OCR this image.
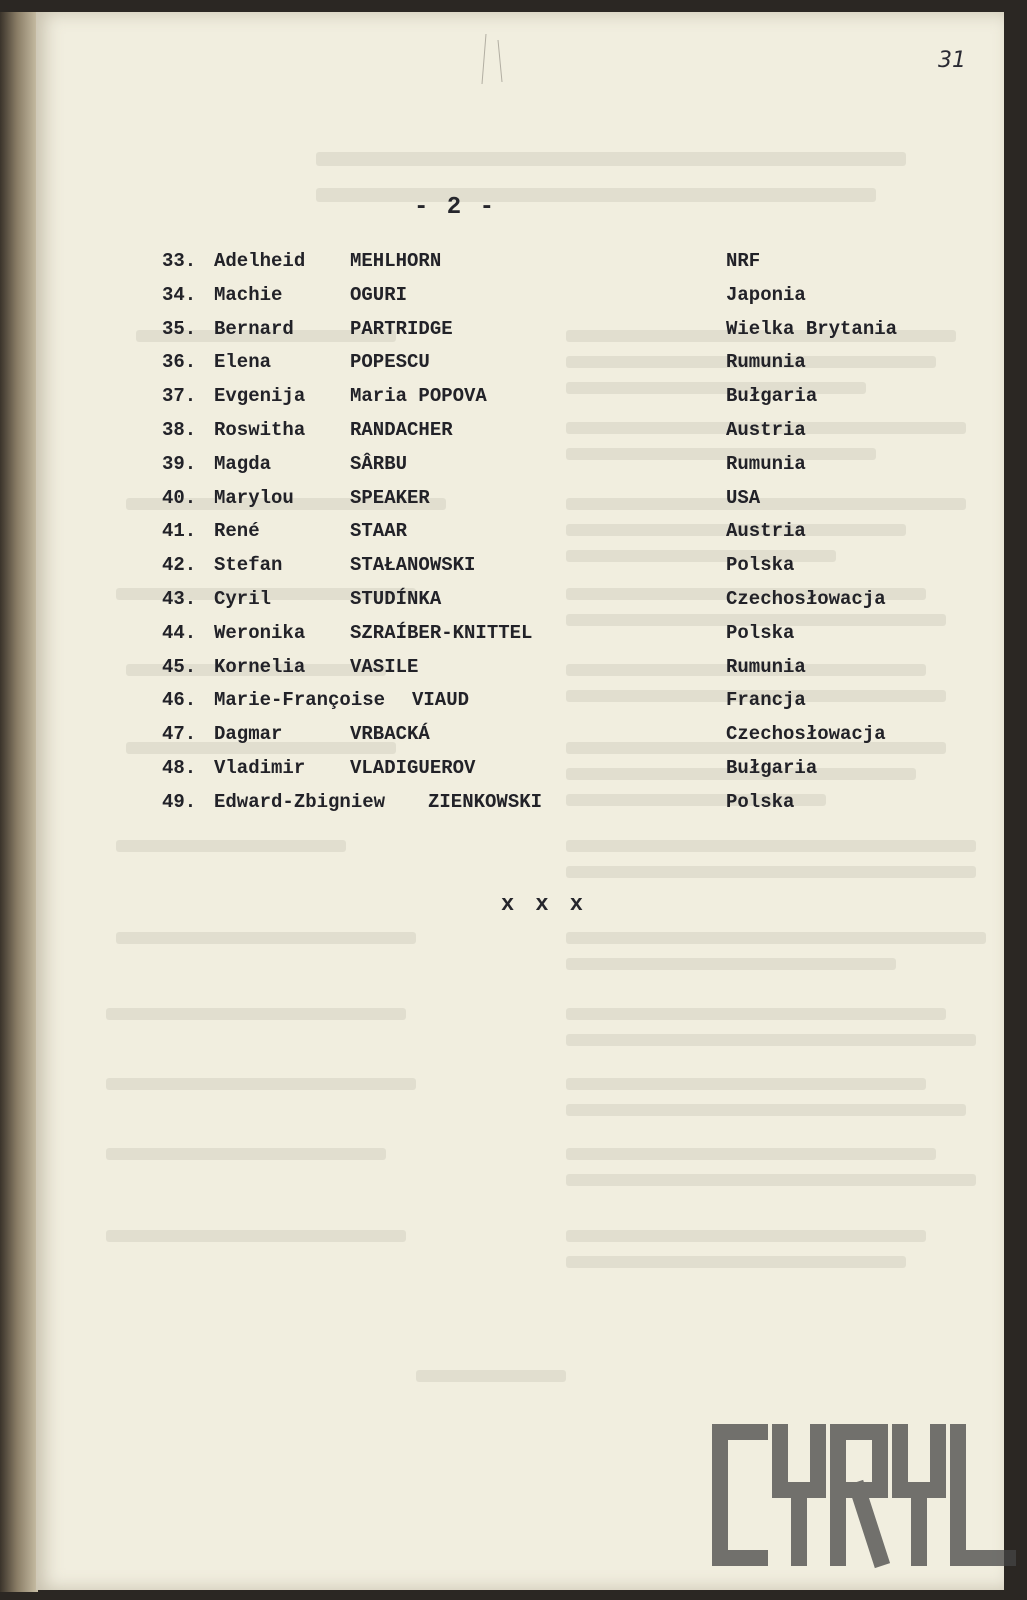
31
- 2 -
33. Adelheid MEHLHORN	NRF
34. Machie	OGURI	Japonia
35. Bernard	PARTRIDGE	Wielka Brytania
36. Elena	POPESCU	Rumunia
37. Evgenija Maria POPOVA	Bułgaria
38. Roswitha RANDACHER	Austria
39. Magda	SÂRBU	Rumunia
40. Marylou	SPEAKER	USA
41. René	STAAR	Austria
42. Stefan	STAŁANOWSKI	Polska
43. Cyril	STUDÍNKA	Czechosłowacja
44. Weronika SZRAÍBER-KNITTEL	Polska
45. Kornelia VASILE	Rumunia
46. Marie-Françoise VIAUD	Francja
47. Dagmar	VRBACKÁ	Czechosłowacja
48. Vladimir VLADIGUEROV	Bułgaria
49. Edward-Zbigniew ZIENKOWSKI	Polska
x x x
